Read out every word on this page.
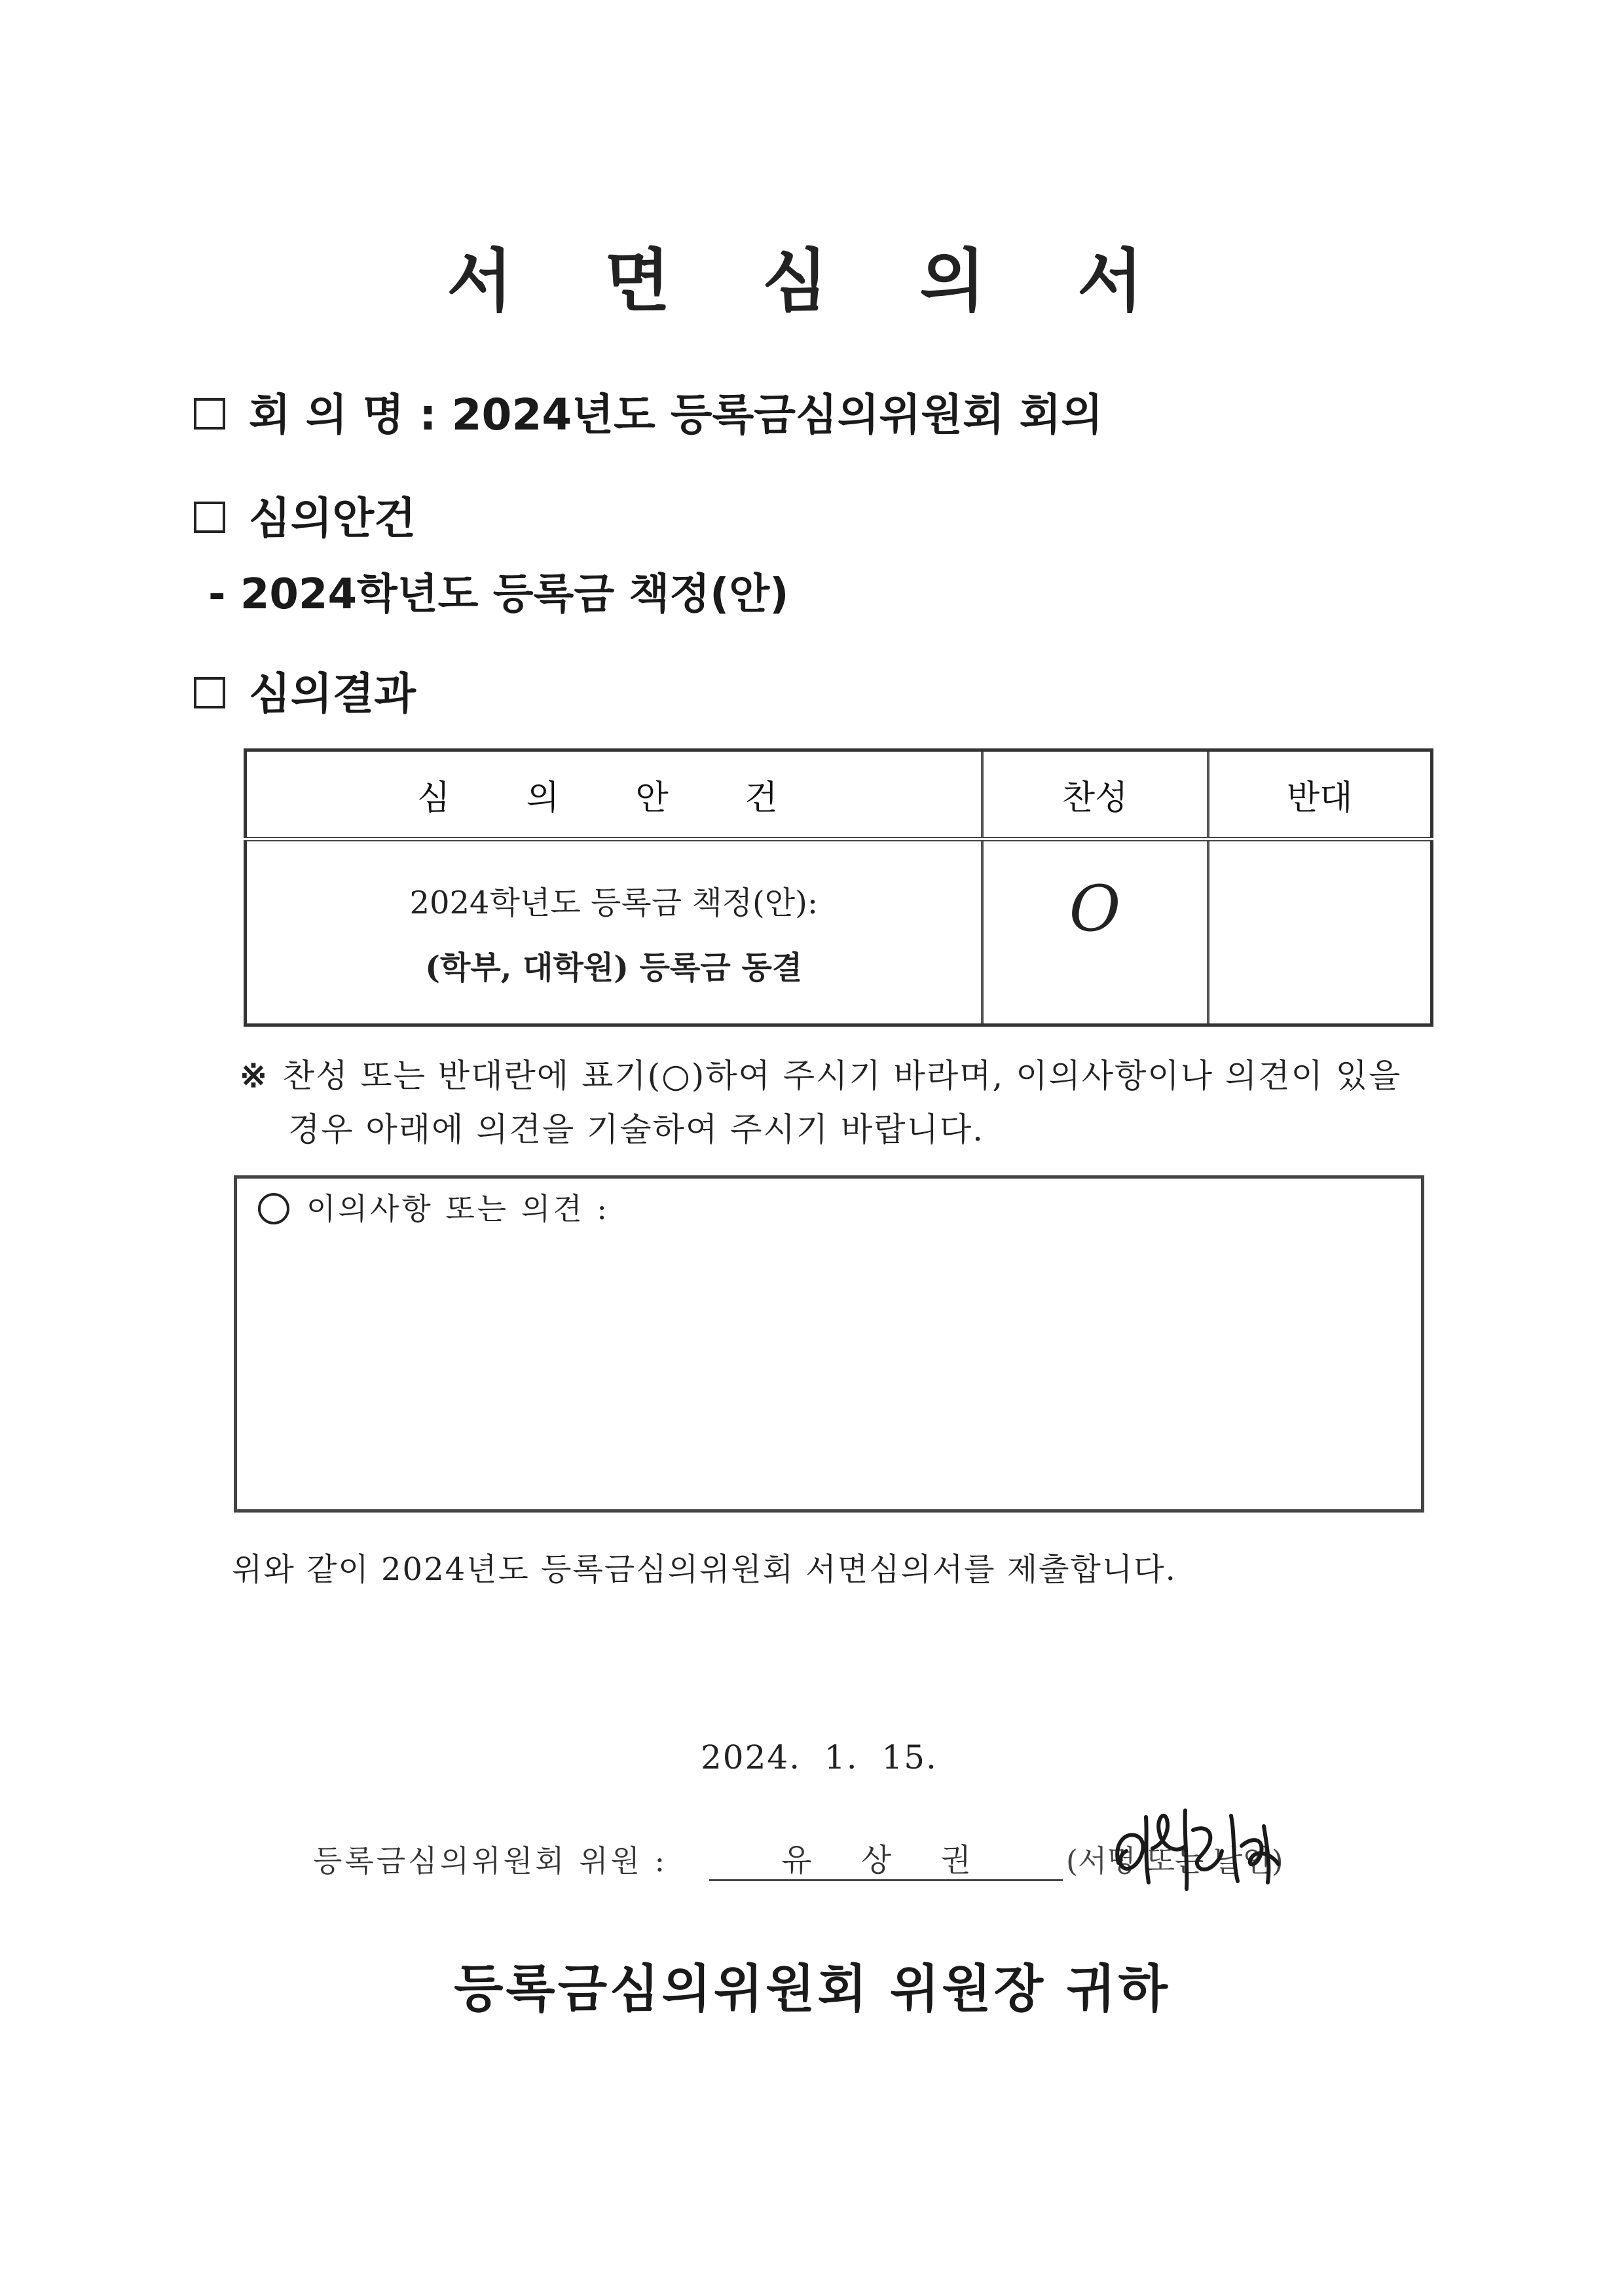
서 면 심 의 서
회 의 명 : 2024년도 등록금심의위원회 회의
심의안건
- 2024학년도 등록금 책정(안)
심의결과
심 의 안 건	찬성	반대

2024학년도 등록금 책정(안):
(학부, 대학원) 등록금 동결	O	
※ 찬성 또는 반대란에 표기(○)하여 주시기 바라며, 이의사항이나 의견이 있을
경우 아래에 의견을 기술하여 주시기 바랍니다.
이의사항 또는 의견 :
위와 같이 2024년도 등록금심의위원회 서면심의서를 제출합니다.
2024.  1.  15.
등록금심의위원회 위원 :	유 상 권	(서명 또는 날인)
등록금심의위원회 위원장 귀하
